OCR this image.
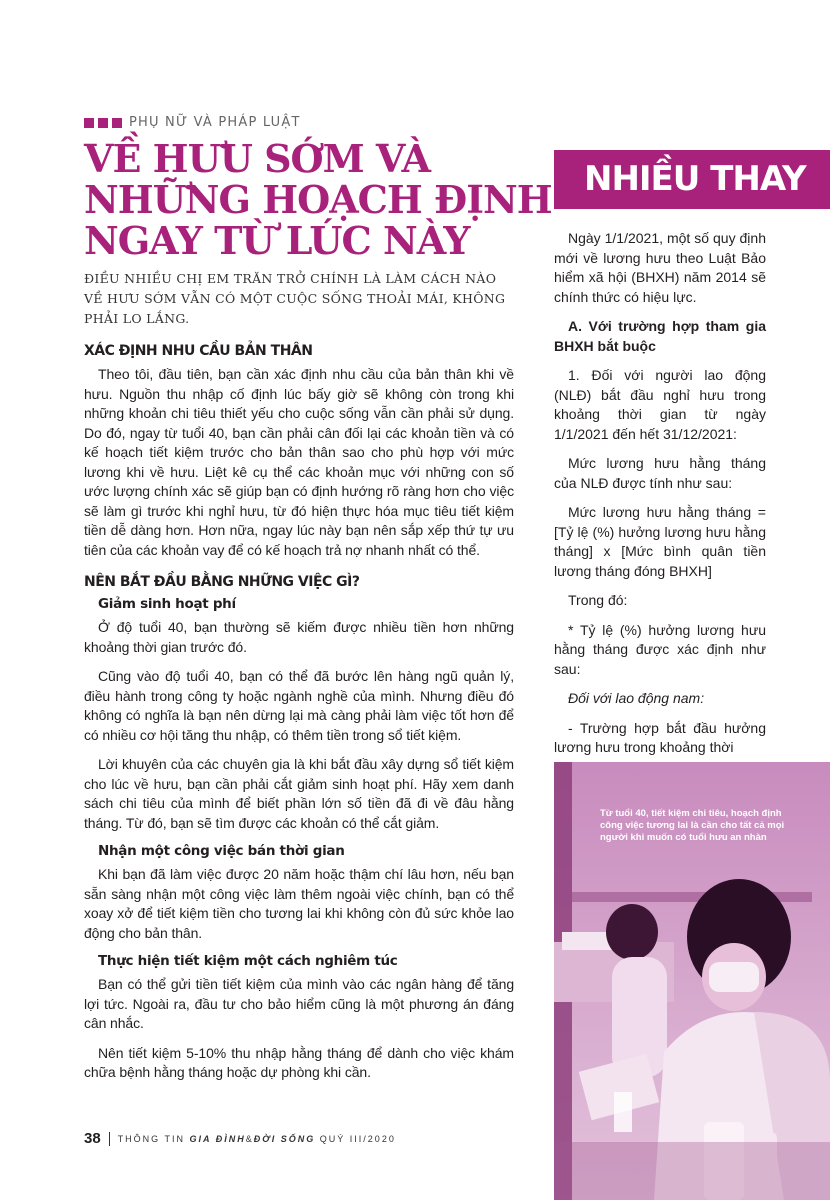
PHỤ NỮ VÀ PHÁP LUẬT
VỀ HƯU SỚM VÀ
NHỮNG HOẠCH ĐỊNH
NGAY TỪ LÚC NÀY
ĐIỀU NHIỀU CHỊ EM TRĂN TRỞ CHÍNH LÀ LÀM CÁCH NÀO VỀ HƯU SỚM VẪN CÓ MỘT CUỘC SỐNG THOẢI MÁI, KHÔNG PHẢI LO LẮNG.
XÁC ĐỊNH NHU CẦU BẢN THÂN

Theo tôi, đầu tiên, bạn cần xác định nhu cầu của bản thân khi về hưu. Nguồn thu nhập cố định lúc bấy giờ sẽ không còn trong khi những khoản chi tiêu thiết yếu cho cuộc sống vẫn cần phải sử dụng. Do đó, ngay từ tuổi 40, bạn cần phải cân đối lại các khoản tiền và có kế hoạch tiết kiệm trước cho bản thân sao cho phù hợp với mức lương khi về hưu. Liệt kê cụ thể các khoản mục với những con số ước lượng chính xác sẽ giúp bạn có định hướng rõ ràng hơn cho việc sẽ làm gì trước khi nghỉ hưu, từ đó hiện thực hóa mục tiêu tiết kiệm tiền dễ dàng hơn. Hơn nữa, ngay lúc này bạn nên sắp xếp thứ tự ưu tiên của các khoản vay để có kế hoạch trả nợ nhanh nhất có thể.

NÊN BẮT ĐẦU BẰNG NHỮNG VIỆC GÌ?
Giảm sinh hoạt phí

Ở độ tuổi 40, bạn thường sẽ kiếm được nhiều tiền hơn những khoảng thời gian trước đó.

Cũng vào độ tuổi 40, bạn có thể đã bước lên hàng ngũ quản lý, điều hành trong công ty hoặc ngành nghề của mình. Nhưng điều đó không có nghĩa là bạn nên dừng lại mà càng phải làm việc tốt hơn để có nhiều cơ hội tăng thu nhập, có thêm tiền trong sổ tiết kiệm.

Lời khuyên của các chuyên gia là khi bắt đầu xây dựng sổ tiết kiệm cho lúc về hưu, bạn cần phải cắt giảm sinh hoạt phí. Hãy xem danh sách chi tiêu của mình để biết phần lớn số tiền đã đi về đâu hằng tháng. Từ đó, bạn sẽ tìm được các khoản có thể cắt giảm.

Nhận một công việc bán thời gian

Khi bạn đã làm việc được 20 năm hoặc thậm chí lâu hơn, nếu bạn sẵn sàng nhận một công việc làm thêm ngoài việc chính, bạn có thể xoay xở để tiết kiệm tiền cho tương lai khi không còn đủ sức khỏe lao động cho bản thân.

Thực hiện tiết kiệm một cách nghiêm túc

Bạn có thể gửi tiền tiết kiệm của mình vào các ngân hàng để tăng lợi tức. Ngoài ra, đầu tư cho bảo hiểm cũng là một phương án đáng cân nhắc.

Nên tiết kiệm 5-10% thu nhập hằng tháng để dành cho việc khám chữa bệnh hằng tháng hoặc dự phòng khi cần.

38 THÔNG TIN GIA ĐÌNH&ĐỜI SỐNG QUÝ III/2020
NHIỀU THAY

Ngày 1/1/2021, một số quy định mới về lương hưu theo Luật Bảo hiểm xã hội (BHXH) năm 2014 sẽ chính thức có hiệu lực.

A. Với trường hợp tham gia BHXH bắt buộc

1. Đối với người lao động (NLĐ) bắt đầu nghỉ hưu trong khoảng thời gian từ ngày 1/1/2021 đến hết 31/12/2021:

Mức lương hưu hằng tháng của NLĐ được tính như sau:

Mức lương hưu hằng tháng = [Tỷ lệ (%) hưởng lương hưu hằng tháng] x [Mức bình quân tiền lương tháng đóng BHXH]

Trong đó:

* Tỷ lệ (%) hưởng lương hưu hằng tháng được xác định như sau:

Đối với lao động nam:

- Trường hợp bắt đầu hưởng lương hưu trong khoảng thời

Từ tuổi 40, tiết kiệm chi tiêu, hoạch định công việc tương lai là cần cho tất cả mọi người khi muốn có tuổi hưu an nhàn
